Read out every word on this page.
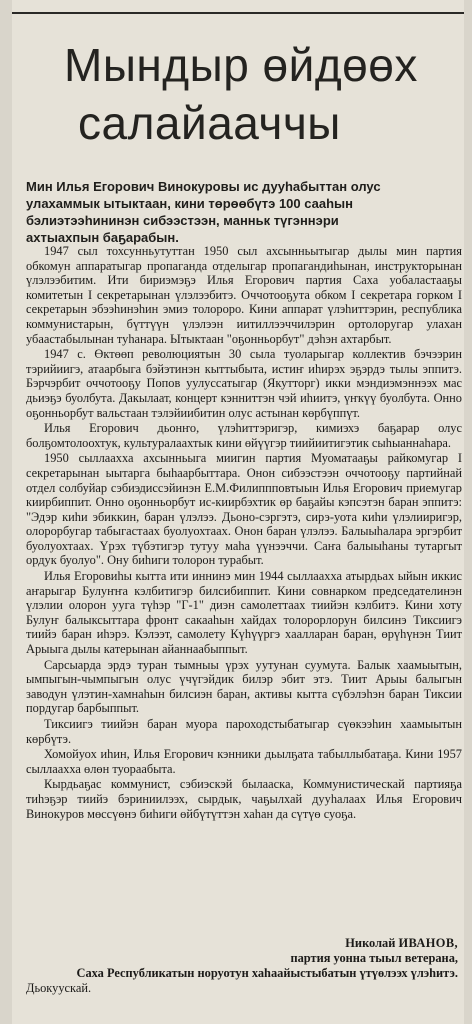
Мындыр өйдөөх
салайааччы
Мин Илья Егорович Винокуровы ис дууһабыттан олус
улахаммык ытыктаан, кини төрөөбүтэ 100 сааһын
бэлиэтээһининэн сибээстээн, манньк түгэннэри
ахтыахпын баҕарабын.

1947 сыл тохсунньутуттан 1950 сыл ахсынньытыгар дылы мин партия обкомун аппаратыгар пропаганда отделыгар пропагандиһынан, инструкторынан үлэлээбитим. Ити бириэмэҕэ Илья Егорович партия Саха уобаластааҕы комитетын I секретарынан үлэлээбитэ. Оччотооҕута обком I секретара горком I секретарын эбээһинэһин эмиэ толороро. Кини аппарат үлэһиттэрин, республика коммунистарын, бүттүүн үлэлээн иитиллээччилэрин ортолоругар улахан убаастабылынан туһанара. Ытыктаан "оҕонньорбут" дэһэн ахтарбыт.

1947 с. Өктөөп революциятын 30 сыла туоларыгар коллектив бэчээрин тэрийиигэ, атаарбыга бэйэтинэн кыттыбыта, истиҥ иһирэх эҕэрдэ тылы эппитэ. Бэрчэрбит оччотооҕу Попов уулуссатыгар (Якутторг) икки мэндиэмэннээх мас дьиэҕэ буолбута. Дакылаат, концерт кэнниттэн чэй иһиитэ, үҥкүү буолбута. Онно оҕонньорбут вальстаан тэлэйиибитин олус астынан көрбүппүт.

Илья Егорович дьонҥо, үлэһиттэригэр, кимиэхэ баҕарар олус болҕомтолоохтук, культуралаахтык кини өйүүгэр тиийиитигэтик сыһыаннаһара.

1950 сыллаахха ахсынньыга миигин партия Муоматааҕы райкомугар I секретарынан ыытарга быһаарбыттара. Онон сибээстээн оччотооҕу партийнай отдел солбуйар сэбиэдиссэйинэн Е.М.Филиппповтыын Илья Егорович приемугар киирбиппит. Онно оҕонньорбут ис-киирбэхтик өр баҕайы кэпсэтэн баран эппитэ: "Эдэр киһи эбиккин, баран үлэлээ. Дьоно-сэргэтэ, сирэ-уота киһи үлэлииригэр, олорорбугар табыгастаах буолуохтаах. Онон баран үлэлээ. Балыыһалара эргэрбит буолуохтаах. Үрэх түбэтигэр тутуу маһа үүнээччи. Саҥа балыыһаны тутаргыт ордук буолуо". Ону биһиги толорон турабыт.

Илья Егоровиһы кытта ити иннинэ мин 1944 сыллаахха атырдьах ыйын иккис аҥарыгар Булуҥҥа кэлбитигэр билсибиппит. Кини совнарком председателинэн үлэлии олорон ууга түһэр "Г-1" диэн самолеттаах тиийэн кэлбитэ. Кини хоту Булуҥ балыксыттара фронт сакааһын хайдах толорорлорун билсинэ Тиксиигэ тиийэ баран иһэрэ. Кэлээт, самолету Күһүүргэ хаалларан баран, өрүһүнэн Тиит Арыыга дылы катерынан айаннаабыппыт.

Сарсыарда эрдэ туран тымныы үрэх уутунан суумута. Балык хаамыытын, ымпыгын-чымпыгын олус үчүгэйдик билэр эбит этэ. Тиит Арыы балыгын заводун үлэтин-хамнаһын билсиэн баран, активы кытта сүбэлэһэн баран Тиксии пордугар барбыппыт.

Тиксиигэ тиийэн баран муора пароходстыбатыгар сүөкээһин хаамыытын көрбүтэ.

Хомойуох иһин, Илья Егорович кэнники дьылҕата табыллыбатаҕа. Кини 1957 сыллаахха өлөн туораабыта.

Кырдьаҕас коммунист, сэбиэскэй былааска, Коммунистическай партияҕа тиһэҕэр тиийэ бэриниилээх, сырдык, чаҕылхай дууһалаах Илья Егорович Винокуров мөссүөнэ биһиги өйбүтүттэн хаһан да сүтүө суоҕа.

Николай ИВАНОВ,
партия уонна тыыл ветерана,
Саха Республикатын норуотун хаһаайыстыбатын үтүөлээх үлэһитэ.
Дьокуускай.
